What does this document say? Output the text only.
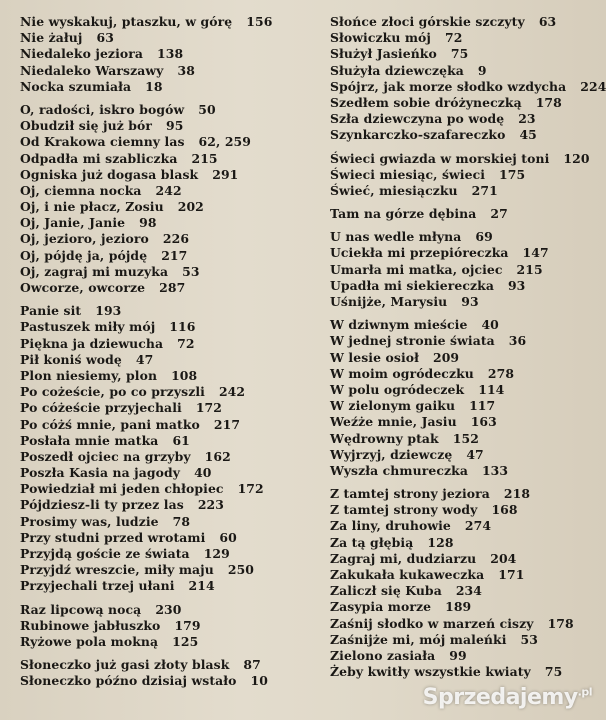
Nie wyskakuj, ptaszku, w górę 156
Nie żałuj 63
Niedaleko jeziora 138
Niedaleko Warszawy 38
Nocka szumiała 18
O, radości, iskro bogów 50
Obudził się już bór 95
Od Krakowa ciemny las 62, 259
Odpadła mi szabliczka 215
Ogniska już dogasa blask 291
Oj, ciemna nocka 242
Oj, i nie płacz, Zosiu 202
Oj, Janie, Janie 98
Oj, jezioro, jezioro 226
Oj, pójdę ja, pójdę 217
Oj, zagraj mi muzyka 53
Owcorze, owcorze 287
Panie sit 193
Pastuszek miły mój 116
Piękna ja dziewucha 72
Pił koniś wodę 47
Plon niesiemy, plon 108
Po cożeście, po co przyszli 242
Po cóżeście przyjechali 172
Po cóżś mnie, pani matko 217
Posłała mnie matka 61
Poszedł ojciec na grzyby 162
Poszła Kasia na jagody 40
Powiedział mi jeden chłopiec 172
Pójdziesz-li ty przez las 223
Prosimy was, ludzie 78
Przy studni przed wrotami 60
Przyjdą goście ze świata 129
Przyjdź wreszcie, miły maju 250
Przyjechali trzej ułani 214
Raz lipcową nocą 230
Rubinowe jabłuszko 179
Ryżowe pola mokną 125
Słoneczko już gasi złoty blask 87
Słoneczko późno dzisiaj wstało 10
Słońce złoci górskie szczyty 63
Słowiczku mój 72
Służył Jasieńko 75
Służyła dziewczęka 9
Spójrz, jak morze słodko wzdycha 224
Szedłem sobie dróżyneczką 178
Szła dziewczyna po wodę 23
Szynkarczko-szafareczko 45
Świeci gwiazda w morskiej toni 120
Świeci miesiąc, świeci 175
Świeć, miesiączku 271
Tam na górze dębina 27
U nas wedle młyna 69
Uciekła mi przepióreczka 147
Umarła mi matka, ojciec 215
Upadła mi siekiereczka 93
Uśnijże, Marysiu 93
W dziwnym mieście 40
W jednej stronie świata 36
W lesie osioł 209
W moim ogródeczku 278
W polu ogródeczek 114
W zielonym gaiku 117
Weźże mnie, Jasiu 163
Wędrowny ptak 152
Wyjrzyj, dziewczę 47
Wyszła chmureczka 133
Z tamtej strony jeziora 218
Z tamtej strony wody 168
Za liny, druhowie 274
Za tą głębią 128
Zagraj mi, dudziarzu 204
Zakukała kukaweczka 171
Zaliczł się Kuba 234
Zasypia morze 189
Zaśnij słodko w marzeń ciszy 178
Zaśnijże mi, mój maleńki 53
Zielono zasiała 99
Żeby kwitły wszystkie kwiaty 75
Sprzedajemy$^{.pl}$
